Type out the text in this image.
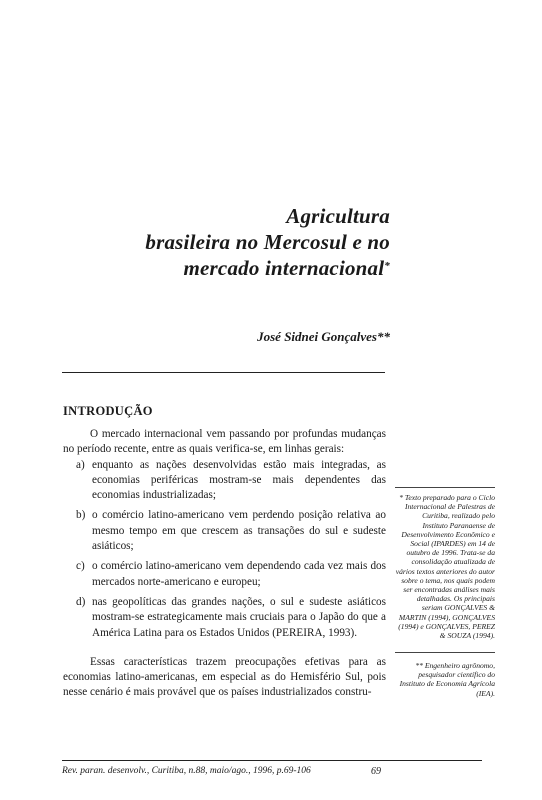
Agricultura
brasileira no Mercosul e no
mercado internacional*
José Sidnei Gonçalves**
INTRODUÇÃO

O mercado internacional vem passando por profundas mudanças no período recente, entre as quais verifica-se, em linhas gerais:

a) enquanto as nações desenvolvidas estão mais integradas, as economias periféricas mostram-se mais dependentes das economias industrializadas;
b) o comércio latino-americano vem perdendo posição relativa ao mesmo tempo em que crescem as transações do sul e sudeste asiáticos;
c) o comércio latino-americano vem dependendo cada vez mais dos mercados norte-americano e europeu;
d) nas geopolíticas das grandes nações, o sul e sudeste asiáticos mostram-se estrategicamente mais cruciais para o Japão do que a América Latina para os Estados Unidos (PEREIRA, 1993).

Essas características trazem preocupações efetivas para as economias latino-americanas, em especial as do Hemisfério Sul, pois nesse cenário é mais provável que os países industrializados constru-

* Texto preparado para o Ciclo Internacional de Palestras de Curitiba, realizado pelo Instituto Paranaense de Desenvolvimento Econômico e Social (IPARDES) em 14 de outubro de 1996. Trata-se da consolidação atualizada de vários textos anteriores do autor sobre o tema, nos quais podem ser encontradas análises mais detalhadas. Os principais seriam GONÇALVES & MARTIN (1994), GONÇALVES (1994) e GONÇALVES, PEREZ & SOUZA (1994).
** Engenheiro agrônomo, pesquisador científico do Instituto de Economia Agrícola (IEA).
Rev. paran. desenvolv., Curitiba, n.88, maio/ago., 1996, p.69-106	69
